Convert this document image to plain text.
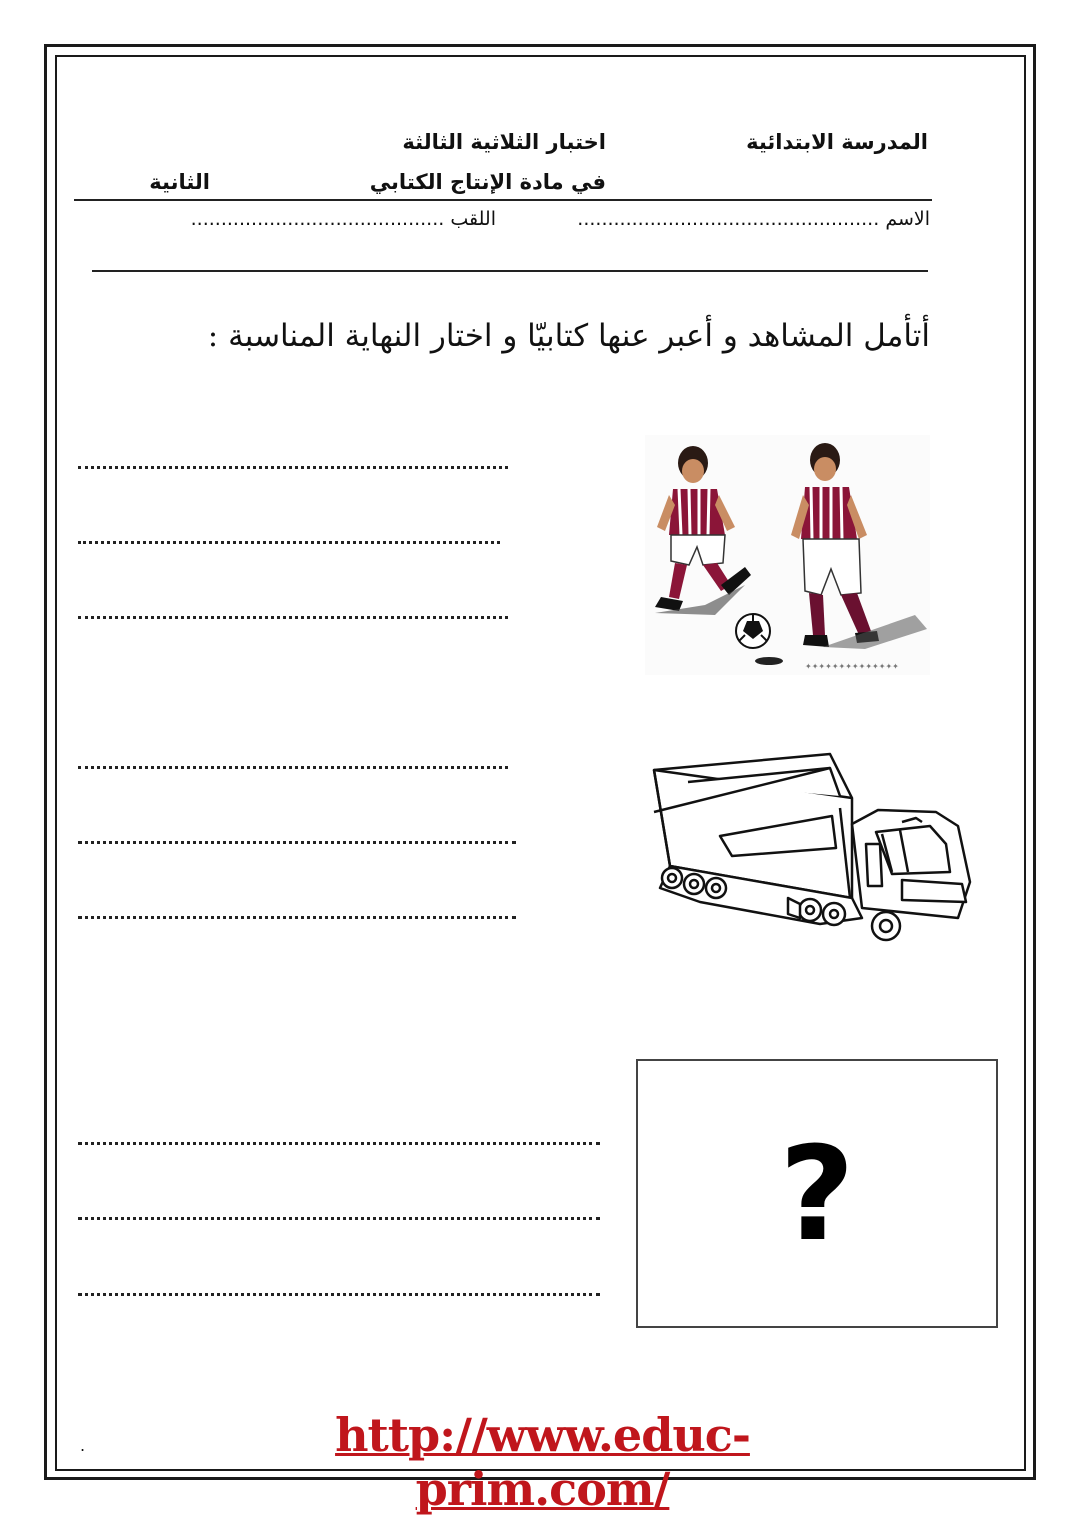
المدرسة الابتدائية
اختبار الثلاثية الثالثة
في مادة الإنتاج الكتابي
الثانية
الاسم ..................................................
اللقب ..........................................
أتأمل المشاهد و أعبر عنها كتابيّا و اختار النهاية المناسبة :
✦✦✦✦✦✦✦✦✦✦✦✦✦✦
?
.	http://www.educ-prim.com/
